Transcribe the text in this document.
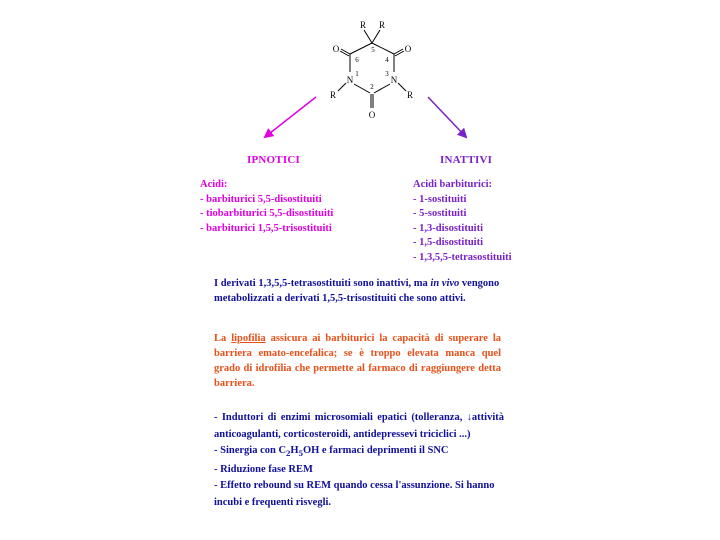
R R
R	R
O	O
O
N	N
1
2
3
4
5
6
IPNOTICI
Acidi:
- barbiturici 5,5-disostituiti
- tiobarbiturici 5,5-disostituiti
- barbiturici 1,5,5-trisostituiti
INATTIVI
Acidi barbiturici:
- 1-sostituiti
- 5-sostituiti
- 1,3-disostituiti
- 1,5-disostituiti
- 1,3,5,5-tetrasostituiti
I derivati 1,3,5,5-tetrasostituiti sono inattivi, ma in vivo vengono metabolizzati a derivati 1,5,5-trisostituiti che sono attivi.
La lipofilia assicura ai barbiturici la capacità di superare la barriera emato-encefalica; se è troppo elevata manca quel grado di idrofilia che permette al farmaco di raggiungere detta barriera.
- Induttori di enzimi microsomiali epatici (tolleranza, ↓attività anticoagulanti, corticosteroidi, antidepressevi triciclici ...)
- Sinergia con $C_2H_5OH$ e farmaci deprimenti il SNC
- Riduzione fase REM
- Effetto rebound su REM quando cessa l'assunzione. Si hanno incubi e frequenti risvegli.
